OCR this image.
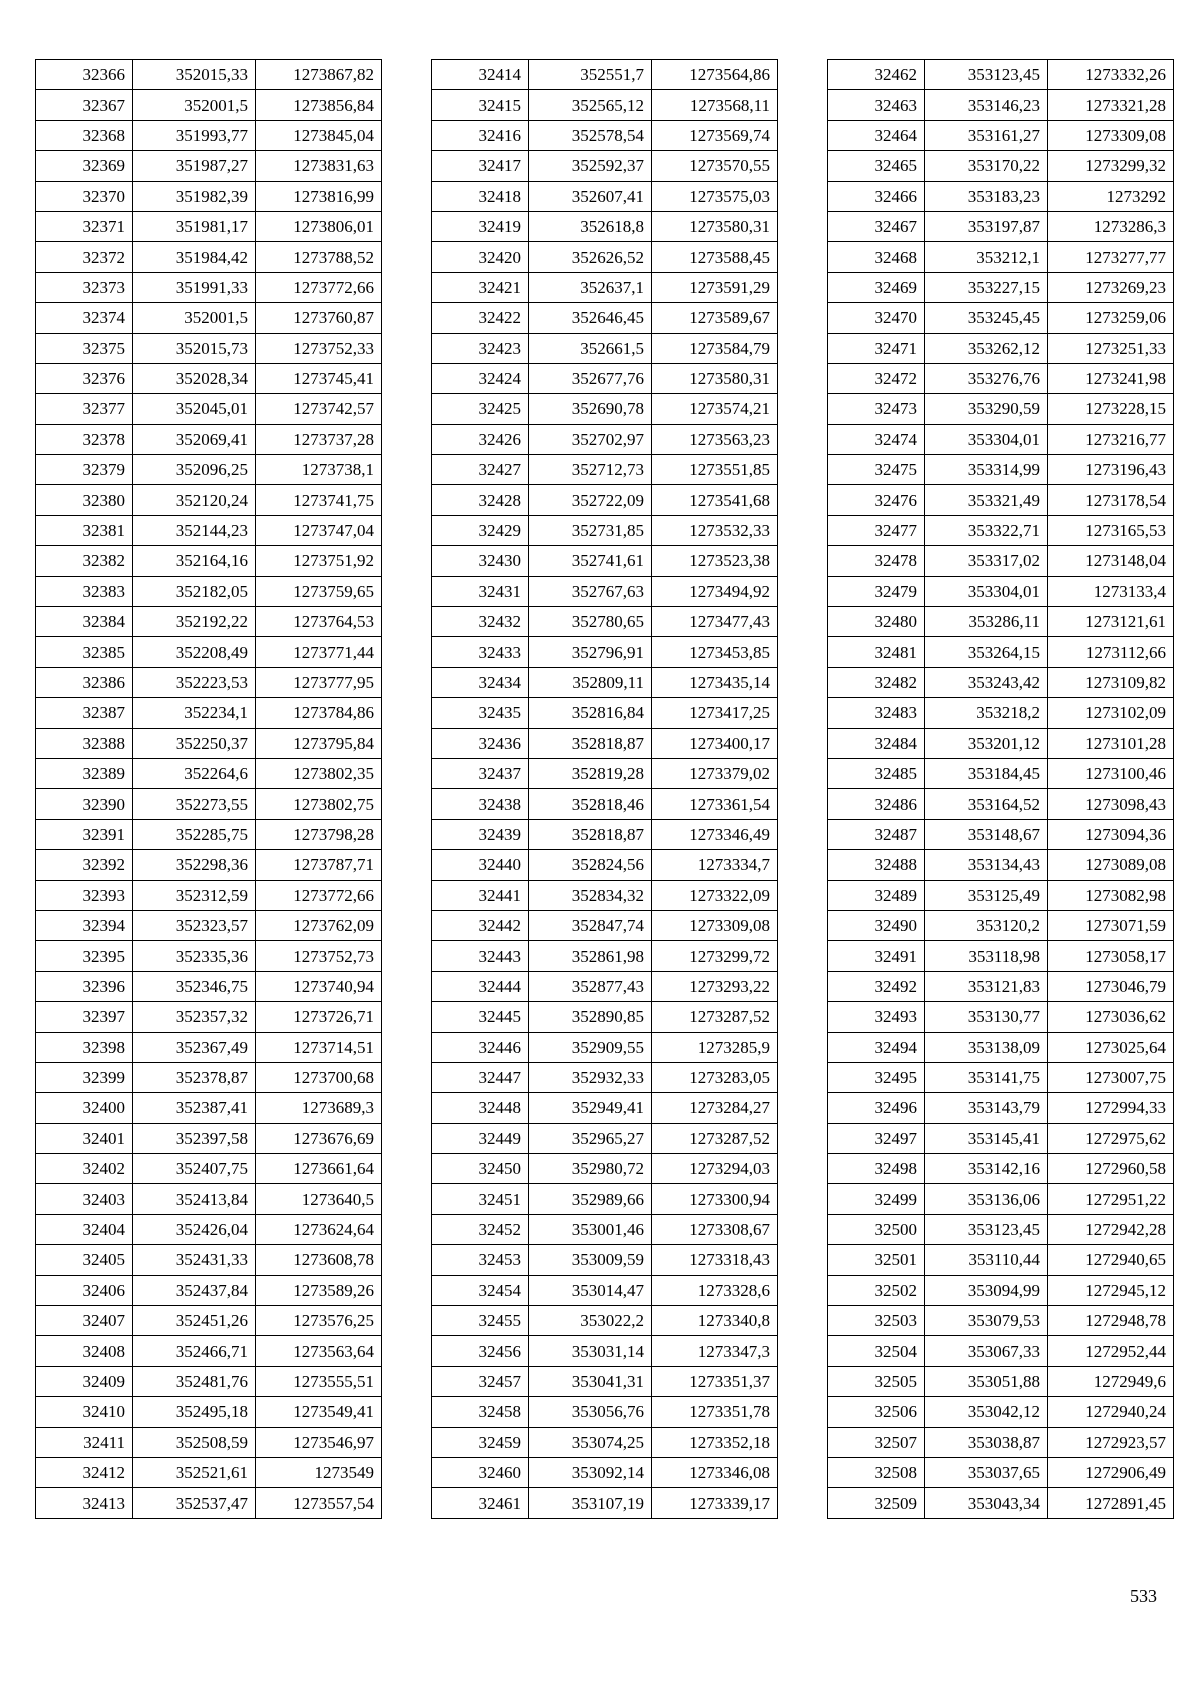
32366	352015,33	1273867,82
32367	352001,5	1273856,84
32368	351993,77	1273845,04
32369	351987,27	1273831,63
32370	351982,39	1273816,99
32371	351981,17	1273806,01
32372	351984,42	1273788,52
32373	351991,33	1273772,66
32374	352001,5	1273760,87
32375	352015,73	1273752,33
32376	352028,34	1273745,41
32377	352045,01	1273742,57
32378	352069,41	1273737,28
32379	352096,25	1273738,1
32380	352120,24	1273741,75
32381	352144,23	1273747,04
32382	352164,16	1273751,92
32383	352182,05	1273759,65
32384	352192,22	1273764,53
32385	352208,49	1273771,44
32386	352223,53	1273777,95
32387	352234,1	1273784,86
32388	352250,37	1273795,84
32389	352264,6	1273802,35
32390	352273,55	1273802,75
32391	352285,75	1273798,28
32392	352298,36	1273787,71
32393	352312,59	1273772,66
32394	352323,57	1273762,09
32395	352335,36	1273752,73
32396	352346,75	1273740,94
32397	352357,32	1273726,71
32398	352367,49	1273714,51
32399	352378,87	1273700,68
32400	352387,41	1273689,3
32401	352397,58	1273676,69
32402	352407,75	1273661,64
32403	352413,84	1273640,5
32404	352426,04	1273624,64
32405	352431,33	1273608,78
32406	352437,84	1273589,26
32407	352451,26	1273576,25
32408	352466,71	1273563,64
32409	352481,76	1273555,51
32410	352495,18	1273549,41
32411	352508,59	1273546,97
32412	352521,61	1273549
32413	352537,47	1273557,54
32414	352551,7	1273564,86
32415	352565,12	1273568,11
32416	352578,54	1273569,74
32417	352592,37	1273570,55
32418	352607,41	1273575,03
32419	352618,8	1273580,31
32420	352626,52	1273588,45
32421	352637,1	1273591,29
32422	352646,45	1273589,67
32423	352661,5	1273584,79
32424	352677,76	1273580,31
32425	352690,78	1273574,21
32426	352702,97	1273563,23
32427	352712,73	1273551,85
32428	352722,09	1273541,68
32429	352731,85	1273532,33
32430	352741,61	1273523,38
32431	352767,63	1273494,92
32432	352780,65	1273477,43
32433	352796,91	1273453,85
32434	352809,11	1273435,14
32435	352816,84	1273417,25
32436	352818,87	1273400,17
32437	352819,28	1273379,02
32438	352818,46	1273361,54
32439	352818,87	1273346,49
32440	352824,56	1273334,7
32441	352834,32	1273322,09
32442	352847,74	1273309,08
32443	352861,98	1273299,72
32444	352877,43	1273293,22
32445	352890,85	1273287,52
32446	352909,55	1273285,9
32447	352932,33	1273283,05
32448	352949,41	1273284,27
32449	352965,27	1273287,52
32450	352980,72	1273294,03
32451	352989,66	1273300,94
32452	353001,46	1273308,67
32453	353009,59	1273318,43
32454	353014,47	1273328,6
32455	353022,2	1273340,8
32456	353031,14	1273347,3
32457	353041,31	1273351,37
32458	353056,76	1273351,78
32459	353074,25	1273352,18
32460	353092,14	1273346,08
32461	353107,19	1273339,17
32462	353123,45	1273332,26
32463	353146,23	1273321,28
32464	353161,27	1273309,08
32465	353170,22	1273299,32
32466	353183,23	1273292
32467	353197,87	1273286,3
32468	353212,1	1273277,77
32469	353227,15	1273269,23
32470	353245,45	1273259,06
32471	353262,12	1273251,33
32472	353276,76	1273241,98
32473	353290,59	1273228,15
32474	353304,01	1273216,77
32475	353314,99	1273196,43
32476	353321,49	1273178,54
32477	353322,71	1273165,53
32478	353317,02	1273148,04
32479	353304,01	1273133,4
32480	353286,11	1273121,61
32481	353264,15	1273112,66
32482	353243,42	1273109,82
32483	353218,2	1273102,09
32484	353201,12	1273101,28
32485	353184,45	1273100,46
32486	353164,52	1273098,43
32487	353148,67	1273094,36
32488	353134,43	1273089,08
32489	353125,49	1273082,98
32490	353120,2	1273071,59
32491	353118,98	1273058,17
32492	353121,83	1273046,79
32493	353130,77	1273036,62
32494	353138,09	1273025,64
32495	353141,75	1273007,75
32496	353143,79	1272994,33
32497	353145,41	1272975,62
32498	353142,16	1272960,58
32499	353136,06	1272951,22
32500	353123,45	1272942,28
32501	353110,44	1272940,65
32502	353094,99	1272945,12
32503	353079,53	1272948,78
32504	353067,33	1272952,44
32505	353051,88	1272949,6
32506	353042,12	1272940,24
32507	353038,87	1272923,57
32508	353037,65	1272906,49
32509	353043,34	1272891,45
533
